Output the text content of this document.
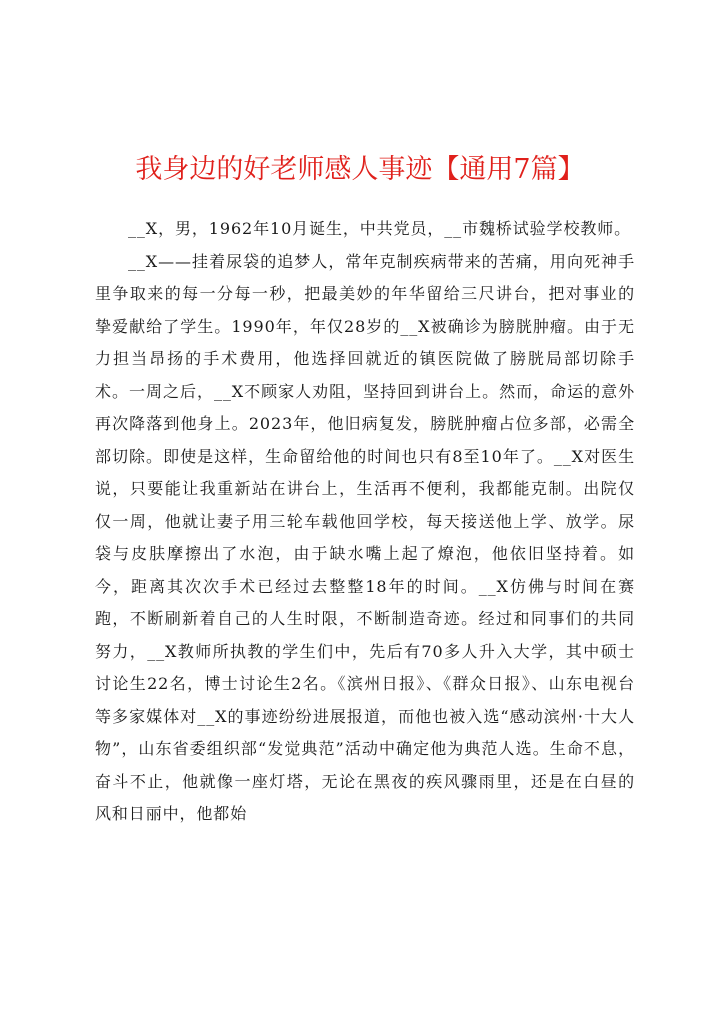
我身边的好老师感人事迹【通用7篇】

__X，男，1962年10月诞生，中共党员，__市魏桥试验学校教师。

__X——挂着尿袋的追梦人，常年克制疾病带来的苦痛，用向死神手里争取来的每一分每一秒，把最美妙的年华留给三尺讲台，把对事业的挚爱献给了学生。1990年，年仅28岁的__X被确诊为膀胱肿瘤。由于无力担当昂扬的手术费用，他选择回就近的镇医院做了膀胱局部切除手术。一周之后，__X不顾家人劝阻，坚持回到讲台上。然而，命运的意外再次降落到他身上。2023年，他旧病复发，膀胱肿瘤占位多部，必需全部切除。即使是这样，生命留给他的时间也只有8至10年了。__X对医生说，只要能让我重新站在讲台上，生活再不便利，我都能克制。出院仅仅一周，他就让妻子用三轮车载他回学校，每天接送他上学、放学。尿袋与皮肤摩擦出了水泡，由于缺水嘴上起了燎泡，他依旧坚持着。如今，距离其次次手术已经过去整整18年的时间。__X仿佛与时间在赛跑，不断刷新着自己的人生时限，不断制造奇迹。经过和同事们的共同努力，__X教师所执教的学生们中，先后有70多人升入大学，其中硕士讨论生22名，博士讨论生2名。《滨州日报》、《群众日报》、山东电视台等多家媒体对__X的事迹纷纷进展报道，而他也被入选“感动滨州·十大人物”，山东省委组织部“发觉典范”活动中确定他为典范人选。生命不息，奋斗不止，他就像一座灯塔，无论在黑夜的疾风骤雨里，还是在白昼的风和日丽中，他都始
